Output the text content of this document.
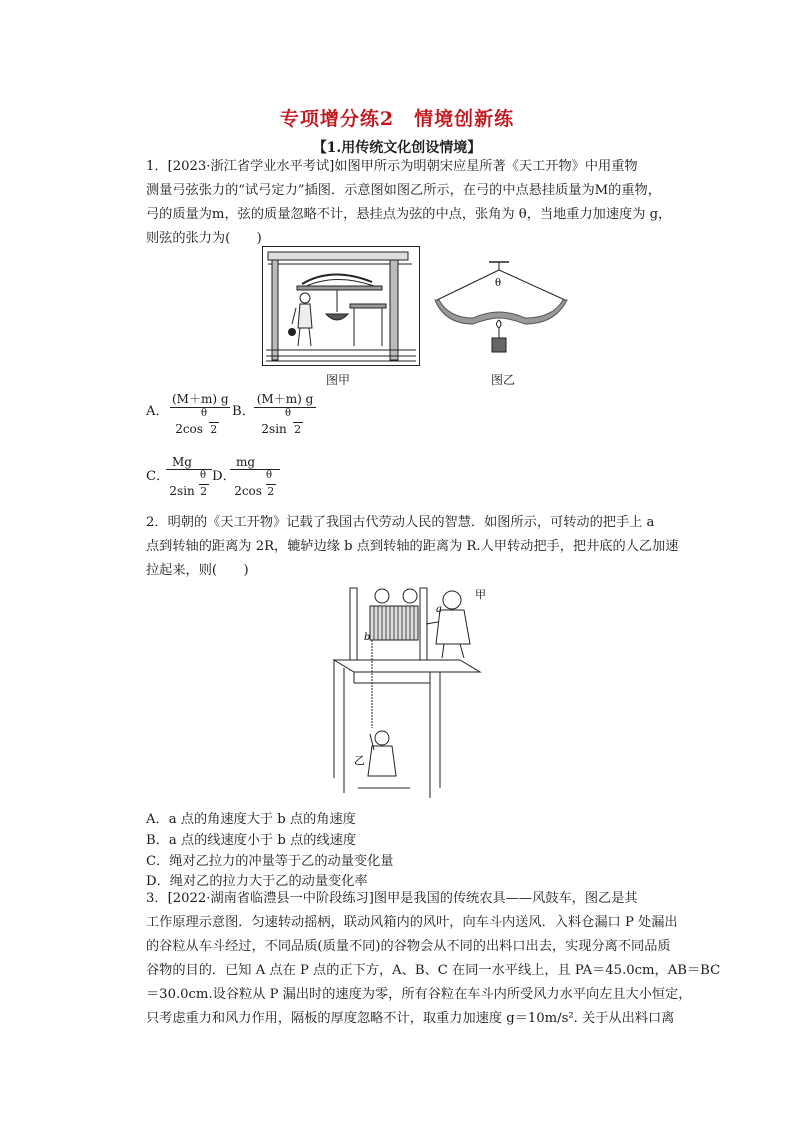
专项增分练2　情境创新练
【1.用传统文化创设情境】

1．[2023·浙江省学业水平考试]如图甲所示为明朝宋应星所著《天工开物》中用重物
测量弓弦张力的“试弓定力”插图．示意图如图乙所示，在弓的中点悬挂质量为M的重物，
弓的质量为m，弦的质量忽略不计，悬挂点为弦的中点，张角为 θ，当地重力加速度为 g，
则弦的张力为(　　)

图甲
θ
图乙
A． (M＋m) g
θ
2cos 2 B． (M＋m) g
θ
2sin 2
C．
Mg
θ
2sin 2 D．
mg
θ
2cos 2

2．明朝的《天工开物》记载了我国古代劳动人民的智慧．如图所示，可转动的把手上 a
点到转轴的距离为 2R，辘轳边缘 b 点到转轴的距离为 R.人甲转动把手，把井底的人乙加速
拉起来，则(　　)

甲
a
b
乙
A．a 点的角速度大于 b 点的角速度
B．a 点的线速度小于 b 点的线速度
C．绳对乙拉力的冲量等于乙的动量变化量
D．绳对乙的拉力大于乙的动量变化率

3．[2022·湖南省临澧县一中阶段练习]图甲是我国的传统农具——风鼓车，图乙是其
工作原理示意图．匀速转动摇柄，联动风箱内的风叶，向车斗内送风．入料仓漏口 P 处漏出
的谷粒从车斗经过，不同品质(质量不同)的谷物会从不同的出料口出去，实现分离不同品质
谷物的目的．已知 A 点在 P 点的正下方，A、B、C 在同一水平线上，且 PA＝45.0cm，AB＝BC
＝30.0cm.设谷粒从 P 漏出时的速度为零，所有谷粒在车斗内所受风力水平向左且大小恒定，
只考虑重力和风力作用，隔板的厚度忽略不计，取重力加速度 g＝10m/s². 关于从出料口离
